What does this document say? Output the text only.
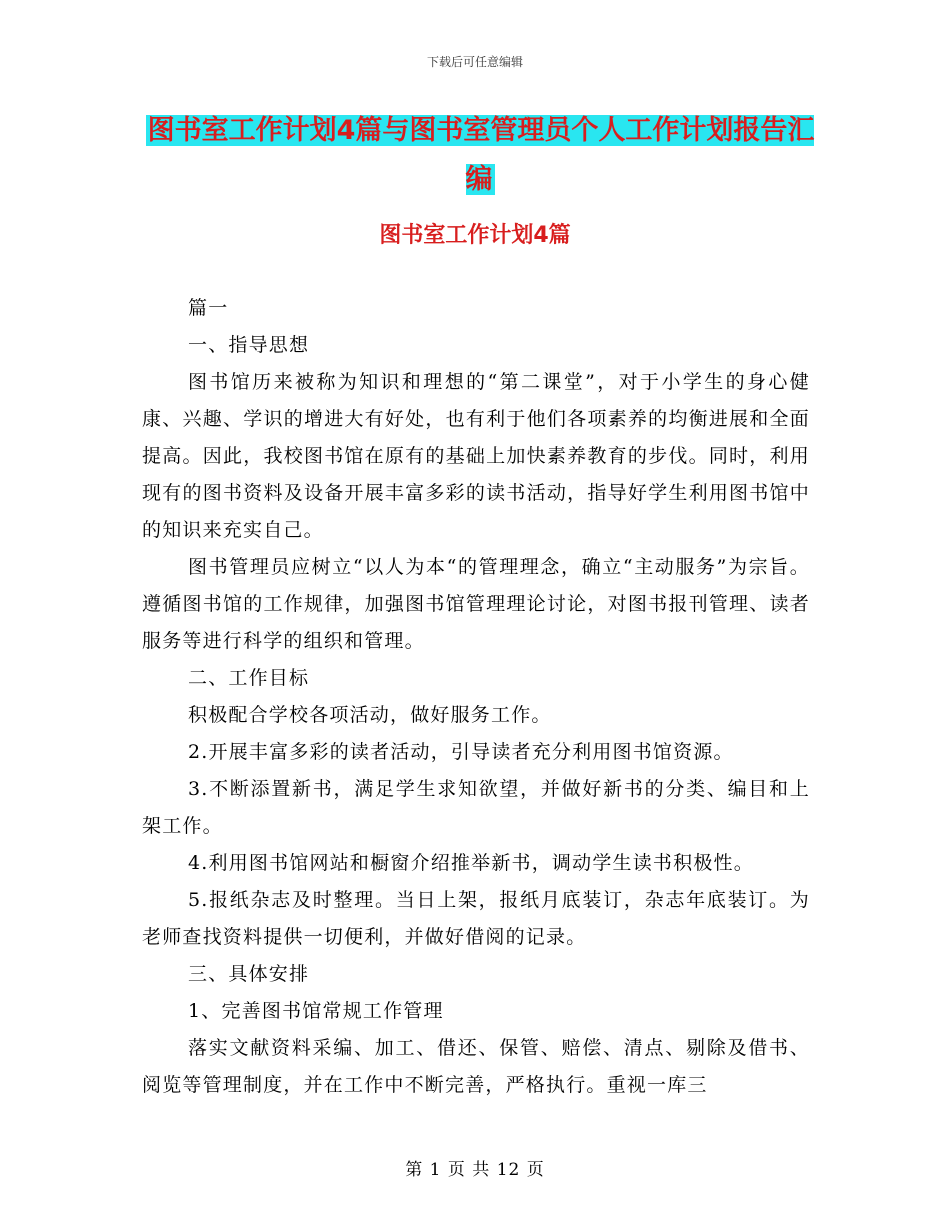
下载后可任意编辑
图书室工作计划4篇与图书室管理员个人工作计划报告汇编
图书室工作计划4篇

篇一

一、指导思想

图书馆历来被称为知识和理想的“第二课堂”，对于小学生的身心健康、兴趣、学识的增进大有好处，也有利于他们各项素养的均衡进展和全面提高。因此，我校图书馆在原有的基础上加快素养教育的步伐。同时，利用现有的图书资料及设备开展丰富多彩的读书活动，指导好学生利用图书馆中的知识来充实自己。

图书管理员应树立“以人为本“的管理理念，确立“主动服务”为宗旨。遵循图书馆的工作规律，加强图书馆管理理论讨论，对图书报刊管理、读者服务等进行科学的组织和管理。

二、工作目标

积极配合学校各项活动，做好服务工作。

2.开展丰富多彩的读者活动，引导读者充分利用图书馆资源。

3.不断添置新书，满足学生求知欲望，并做好新书的分类、编目和上架工作。

4.利用图书馆网站和橱窗介绍推举新书，调动学生读书积极性。

5.报纸杂志及时整理。当日上架，报纸月底装订，杂志年底装订。为老师查找资料提供一切便利，并做好借阅的记录。

三、具体安排

1、完善图书馆常规工作管理

落实文献资料采编、加工、借还、保管、赔偿、清点、剔除及借书、阅览等管理制度，并在工作中不断完善，严格执行。重视一库三

第 1 页 共 12 页
